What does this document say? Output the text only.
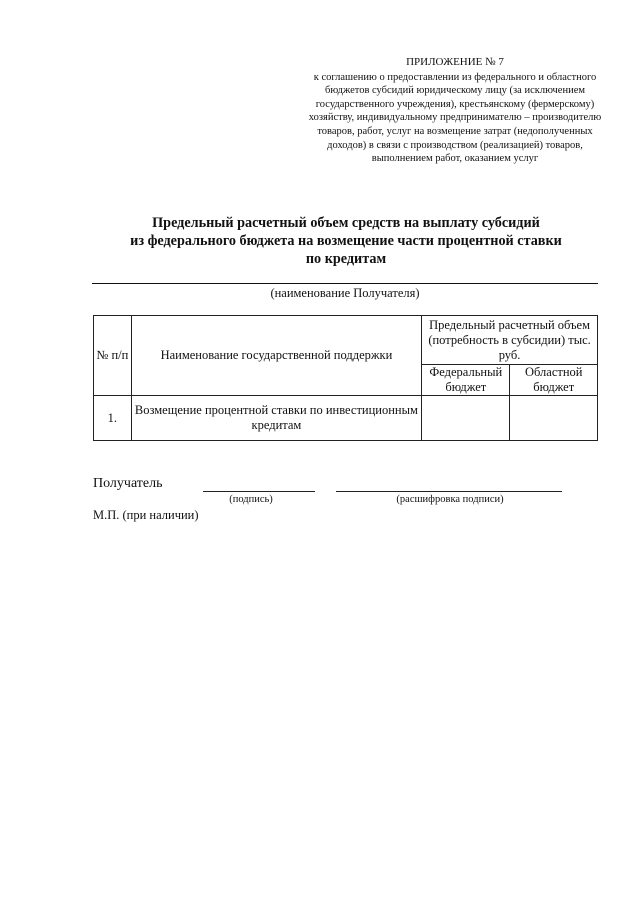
ПРИЛОЖЕНИЕ № 7
к соглашению о предоставлении из федерального и областного
бюджетов субсидий юридическому лицу (за исключением
государственного учреждения), крестьянскому (фермерскому)
хозяйству, индивидуальному предпринимателю – производителю
товаров, работ, услуг на возмещение затрат (недополученных
доходов) в связи с производством (реализацией) товаров,
выполнением работ, оказанием услуг
Предельный расчетный объем средств на выплату субсидий
из федерального бюджета на возмещение части процентной ставки
по кредитам
(наименование Получателя)
№ п/п	Наименование государственной поддержки	Предельный расчетный объем (потребность в субсидии) тыс. руб.	
		Федеральный бюджет	Областной бюджет
1.	Возмещение процентной ставки по инвестиционным кредитам		
Получатель
(подпись)	(расшифровка подписи)
М.П. (при наличии)
